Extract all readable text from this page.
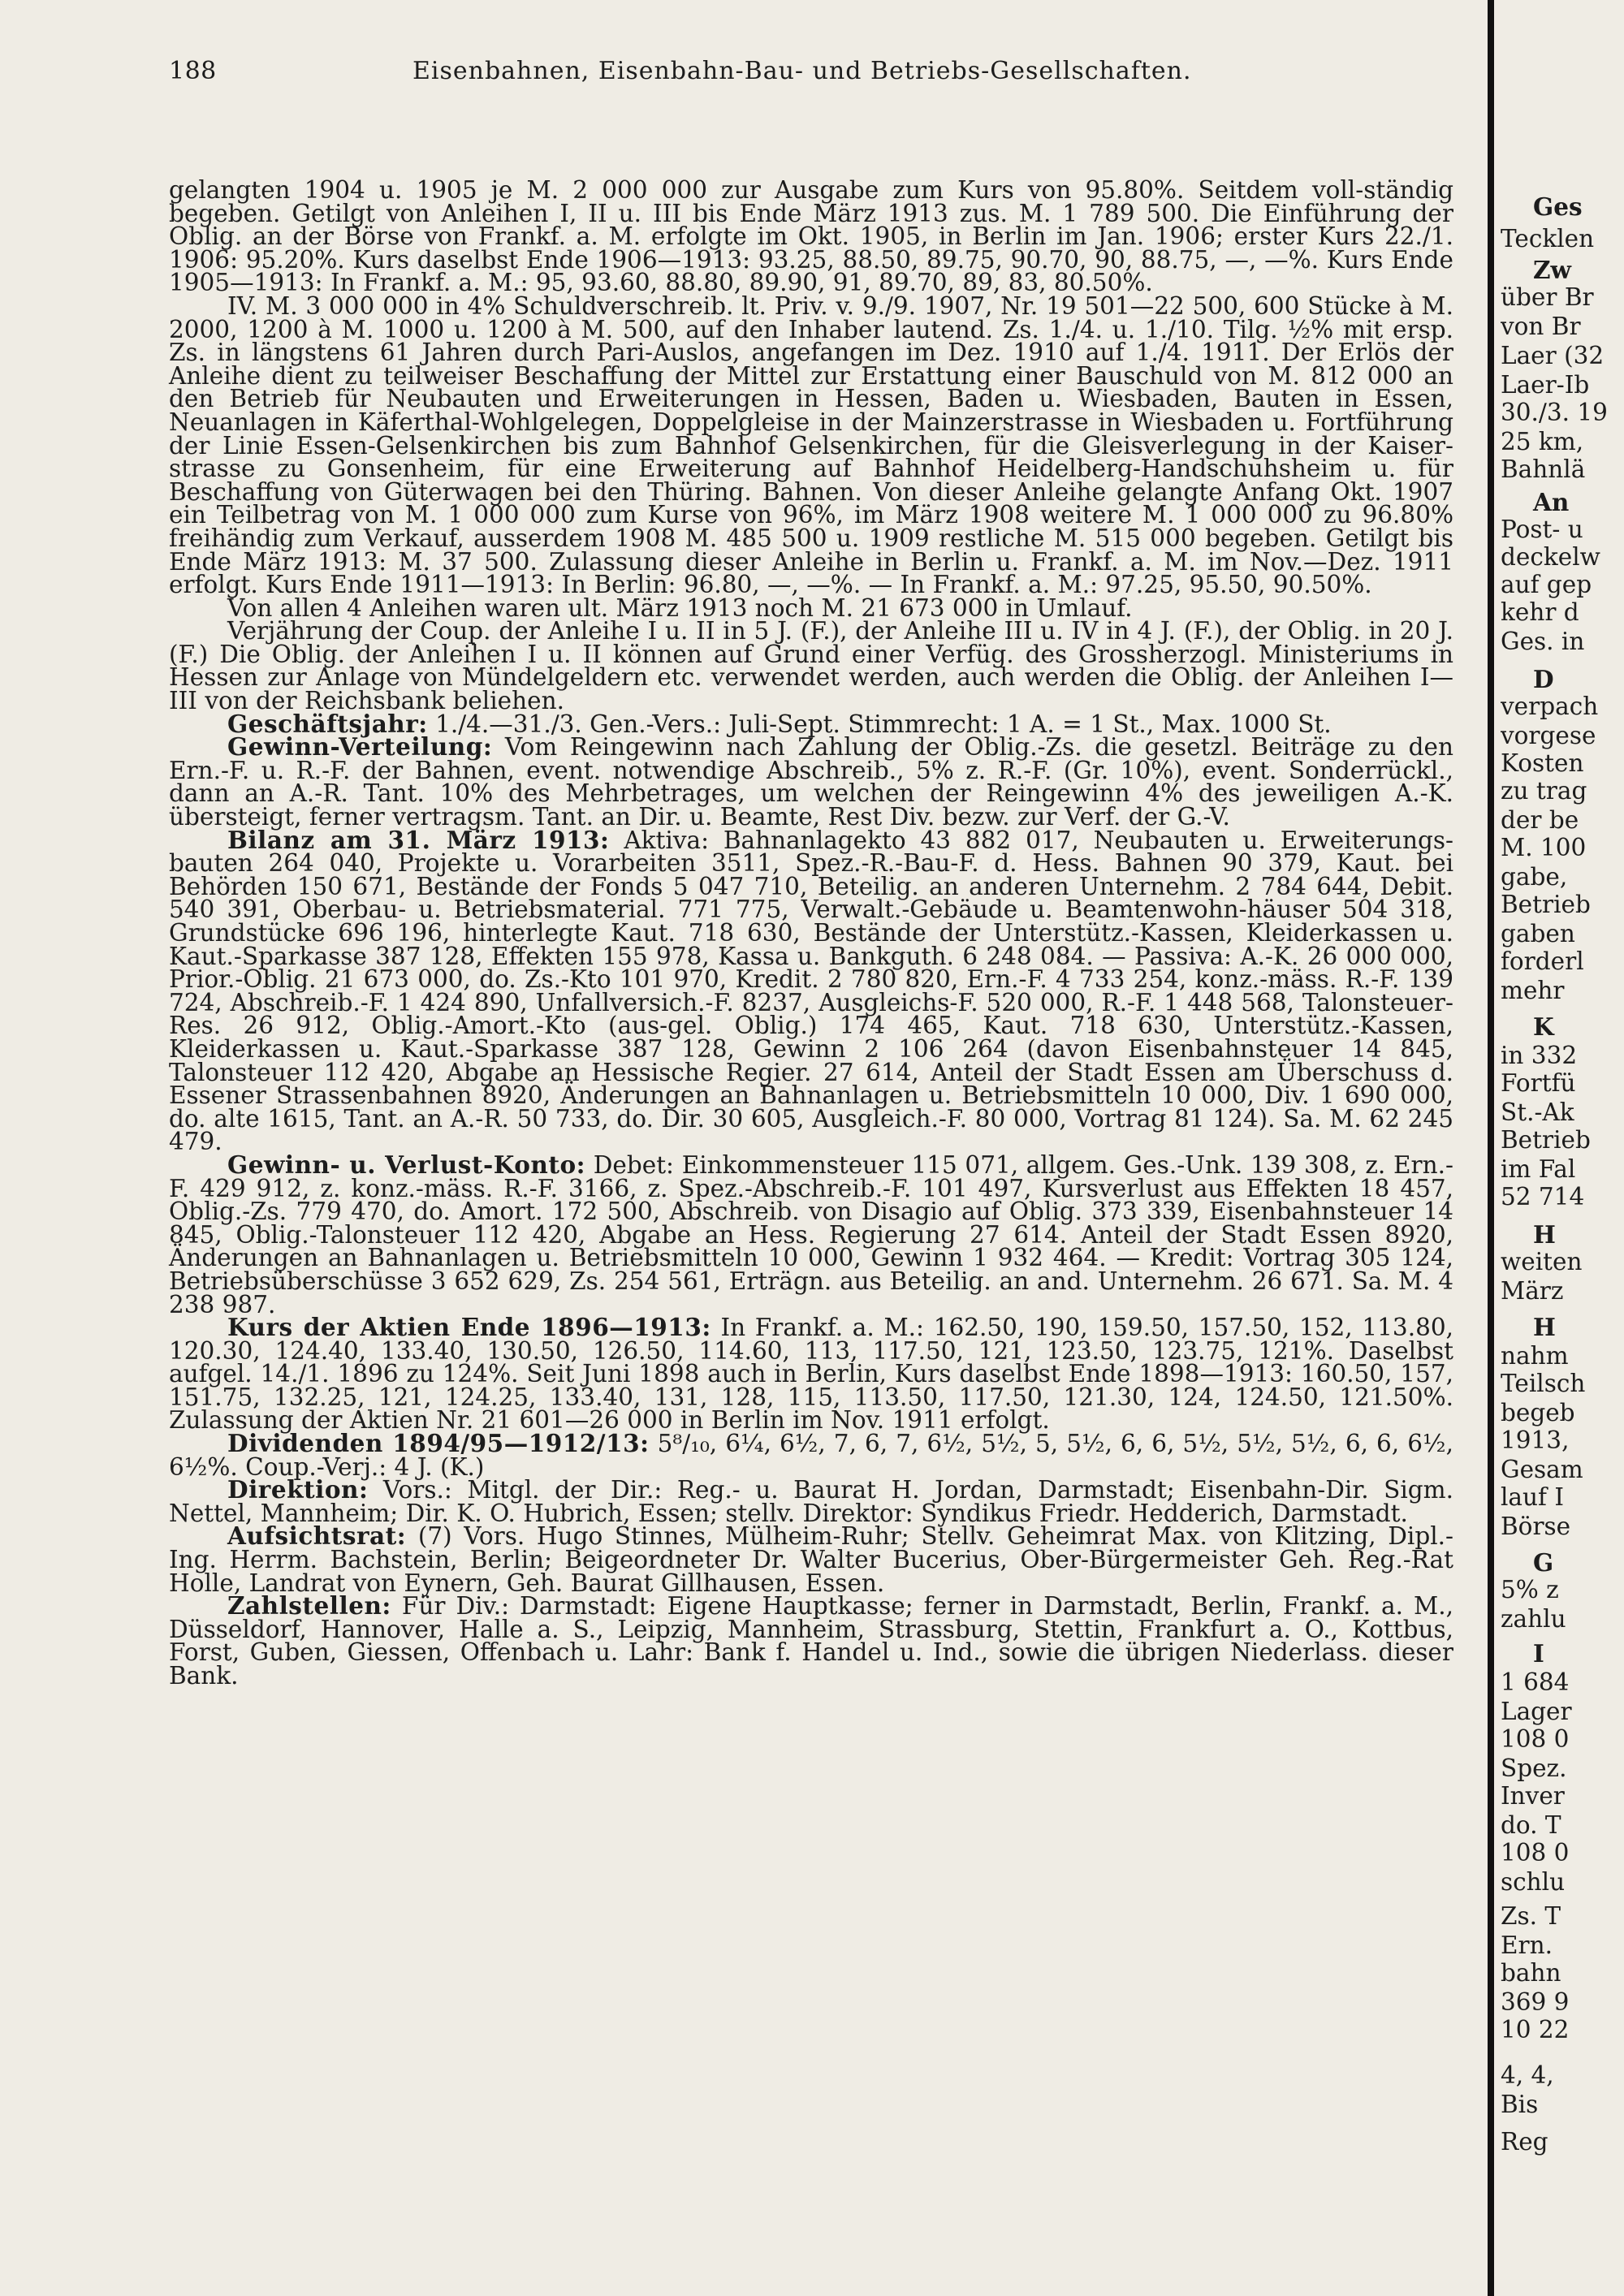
188	Eisenbahnen, Eisenbahn-Bau- und Betriebs-Gesellschaften.

gelangten 1904 u. 1905 je M. 2 000 000 zur Ausgabe zum Kurs von 95.80%. Seitdem voll-ständig begeben. Getilgt von Anleihen I, II u. III bis Ende März 1913 zus. M. 1 789 500. Die Einführung der Oblig. an der Börse von Frankf. a. M. erfolgte im Okt. 1905, in Berlin im Jan. 1906; erster Kurs 22./1. 1906: 95.20%. Kurs daselbst Ende 1906—1913: 93.25, 88.50, 89.75, 90.70, 90, 88.75, —, —%. Kurs Ende 1905—1913: In Frankf. a. M.: 95, 93.60, 88.80, 89.90, 91, 89.70, 89, 83, 80.50%.

IV. M. 3 000 000 in 4% Schuldverschreib. lt. Priv. v. 9./9. 1907, Nr. 19 501—22 500, 600 Stücke à M. 2000, 1200 à M. 1000 u. 1200 à M. 500, auf den Inhaber lautend. Zs. 1./4. u. 1./10. Tilg. ½% mit ersp. Zs. in längstens 61 Jahren durch Pari-Auslos, angefangen im Dez. 1910 auf 1./4. 1911. Der Erlös der Anleihe dient zu teilweiser Beschaffung der Mittel zur Erstattung einer Bauschuld von M. 812 000 an den Betrieb für Neubauten und Erweiterungen in Hessen, Baden u. Wiesbaden, Bauten in Essen, Neuanlagen in Käferthal-Wohlgelegen, Doppelgleise in der Mainzerstrasse in Wiesbaden u. Fortführung der Linie Essen-Gelsenkirchen bis zum Bahnhof Gelsenkirchen, für die Gleisverlegung in der Kaiser-strasse zu Gonsenheim, für eine Erweiterung auf Bahnhof Heidelberg-Handschuhsheim u. für Beschaffung von Güterwagen bei den Thüring. Bahnen. Von dieser Anleihe gelangte Anfang Okt. 1907 ein Teilbetrag von M. 1 000 000 zum Kurse von 96%, im März 1908 weitere M. 1 000 000 zu 96.80% freihändig zum Verkauf, ausserdem 1908 M. 485 500 u. 1909 restliche M. 515 000 begeben. Getilgt bis Ende März 1913: M. 37 500. Zulassung dieser Anleihe in Berlin u. Frankf. a. M. im Nov.—Dez. 1911 erfolgt. Kurs Ende 1911—1913: In Berlin: 96.80, —, —%. — In Frankf. a. M.: 97.25, 95.50, 90.50%.

Von allen 4 Anleihen waren ult. März 1913 noch M. 21 673 000 in Umlauf.

Verjährung der Coup. der Anleihe I u. II in 5 J. (F.), der Anleihe III u. IV in 4 J. (F.), der Oblig. in 20 J. (F.) Die Oblig. der Anleihen I u. II können auf Grund einer Verfüg. des Grossherzogl. Ministeriums in Hessen zur Anlage von Mündelgeldern etc. verwendet werden, auch werden die Oblig. der Anleihen I—III von der Reichsbank beliehen.

Geschäftsjahr: 1./4.—31./3. Gen.-Vers.: Juli-Sept. Stimmrecht: 1 A. = 1 St., Max. 1000 St.

Gewinn-Verteilung: Vom Reingewinn nach Zahlung der Oblig.-Zs. die gesetzl. Beiträge zu den Ern.-F. u. R.-F. der Bahnen, event. notwendige Abschreib., 5% z. R.-F. (Gr. 10%), event. Sonderrückl., dann an A.-R. Tant. 10% des Mehrbetrages, um welchen der Reingewinn 4% des jeweiligen A.-K. übersteigt, ferner vertragsm. Tant. an Dir. u. Beamte, Rest Div. bezw. zur Verf. der G.-V.

Bilanz am 31. März 1913: Aktiva: Bahnanlagekto 43 882 017, Neubauten u. Erweiterungs-bauten 264 040, Projekte u. Vorarbeiten 3511, Spez.-R.-Bau-F. d. Hess. Bahnen 90 379, Kaut. bei Behörden 150 671, Bestände der Fonds 5 047 710, Beteilig. an anderen Unternehm. 2 784 644, Debit. 540 391, Oberbau- u. Betriebsmaterial. 771 775, Verwalt.-Gebäude u. Beamtenwohn-häuser 504 318, Grundstücke 696 196, hinterlegte Kaut. 718 630, Bestände der Unterstütz.-Kassen, Kleiderkassen u. Kaut.-Sparkasse 387 128, Effekten 155 978, Kassa u. Bankguth. 6 248 084. — Passiva: A.-K. 26 000 000, Prior.-Oblig. 21 673 000, do. Zs.-Kto 101 970, Kredit. 2 780 820, Ern.-F. 4 733 254, konz.-mäss. R.-F. 139 724, Abschreib.-F. 1 424 890, Unfallversich.-F. 8237, Ausgleichs-F. 520 000, R.-F. 1 448 568, Talonsteuer-Res. 26 912, Oblig.-Amort.-Kto (aus-gel. Oblig.) 174 465, Kaut. 718 630, Unterstütz.-Kassen, Kleiderkassen u. Kaut.-Sparkasse 387 128, Gewinn 2 106 264 (davon Eisenbahnsteuer 14 845, Talonsteuer 112 420, Abgabe an Hessische Regier. 27 614, Anteil der Stadt Essen am Überschuss d. Essener Strassenbahnen 8920, Änderungen an Bahnanlagen u. Betriebsmitteln 10 000, Div. 1 690 000, do. alte 1615, Tant. an A.-R. 50 733, do. Dir. 30 605, Ausgleich.-F. 80 000, Vortrag 81 124). Sa. M. 62 245 479.

Gewinn- u. Verlust-Konto: Debet: Einkommensteuer 115 071, allgem. Ges.-Unk. 139 308, z. Ern.-F. 429 912, z. konz.-mäss. R.-F. 3166, z. Spez.-Abschreib.-F. 101 497, Kursverlust aus Effekten 18 457, Oblig.-Zs. 779 470, do. Amort. 172 500, Abschreib. von Disagio auf Oblig. 373 339, Eisenbahnsteuer 14 845, Oblig.-Talonsteuer 112 420, Abgabe an Hess. Regierung 27 614. Anteil der Stadt Essen 8920, Änderungen an Bahnanlagen u. Betriebsmitteln 10 000, Gewinn 1 932 464. — Kredit: Vortrag 305 124, Betriebsüberschüsse 3 652 629, Zs. 254 561, Erträgn. aus Beteilig. an and. Unternehm. 26 671. Sa. M. 4 238 987.

Kurs der Aktien Ende 1896—1913: In Frankf. a. M.: 162.50, 190, 159.50, 157.50, 152, 113.80, 120.30, 124.40, 133.40, 130.50, 126.50, 114.60, 113, 117.50, 121, 123.50, 123.75, 121%. Daselbst aufgel. 14./1. 1896 zu 124%. Seit Juni 1898 auch in Berlin, Kurs daselbst Ende 1898—1913: 160.50, 157, 151.75, 132.25, 121, 124.25, 133.40, 131, 128, 115, 113.50, 117.50, 121.30, 124, 124.50, 121.50%. Zulassung der Aktien Nr. 21 601—26 000 in Berlin im Nov. 1911 erfolgt.

Dividenden 1894/95—1912/13: 5⁸/₁₀, 6¼, 6½, 7, 6, 7, 6½, 5½, 5, 5½, 6, 6, 5½, 5½, 5½, 6, 6, 6½, 6½%. Coup.-Verj.: 4 J. (K.)

Direktion: Vors.: Mitgl. der Dir.: Reg.- u. Baurat H. Jordan, Darmstadt; Eisenbahn-Dir. Sigm. Nettel, Mannheim; Dir. K. O. Hubrich, Essen; stellv. Direktor: Syndikus Friedr. Hedderich, Darmstadt.

Aufsichtsrat: (7) Vors. Hugo Stinnes, Mülheim-Ruhr; Stellv. Geheimrat Max. von Klitzing, Dipl.-Ing. Herrm. Bachstein, Berlin; Beigeordneter Dr. Walter Bucerius, Ober-Bürgermeister Geh. Reg.-Rat Holle, Landrat von Eynern, Geh. Baurat Gillhausen, Essen.

Zahlstellen: Für Div.: Darmstadt: Eigene Hauptkasse; ferner in Darmstadt, Berlin, Frankf. a. M., Düsseldorf, Hannover, Halle a. S., Leipzig, Mannheim, Strassburg, Stettin, Frankfurt a. O., Kottbus, Forst, Guben, Giessen, Offenbach u. Lahr: Bank f. Handel u. Ind., sowie die übrigen Niederlass. dieser Bank.

Ges
Tecklen
Zw
über Br
von Br
Laer (32
Laer-Ib
30./3. 19
25 km,
Bahnlä
An
Post- u
deckelw
auf gep
kehr d
Ges. in
D
verpach
vorgese
Kosten
zu trag
der be
M. 100
gabe,
Betrieb
gaben
forderl
mehr
K
in 332
Fortfü
St.-Ak
Betrieb
im Fal
52 714
H
weiten
März
H
nahm
Teilsch
begeb
1913,
Gesam
lauf I
Börse
G
5% z
zahlu
I
1 684
Lager
108 0
Spez.
Inver
do. T
108 0
schlu
Zs. T
Ern.
bahn
369 9
10 22
4, 4,
Bis
Reg
